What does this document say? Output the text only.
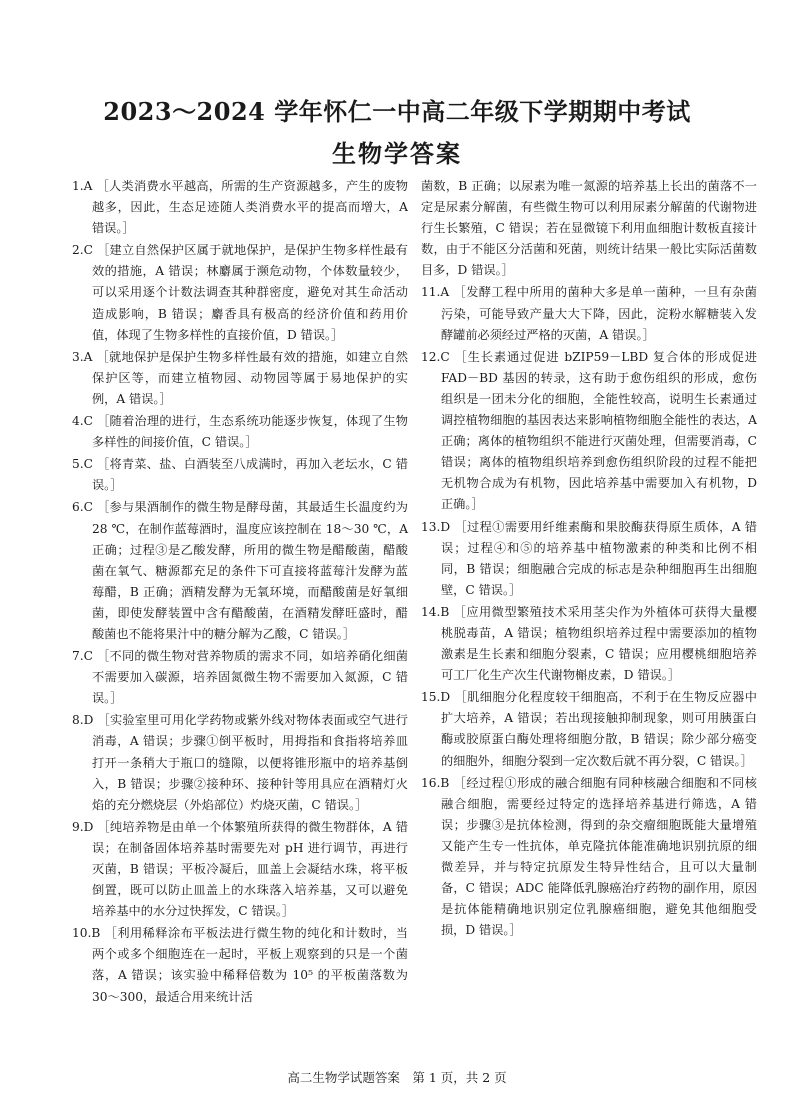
2023～2024 学年怀仁一中高二年级下学期期中考试
生物学答案

1.A ［人类消费水平越高，所需的生产资源越多，产生的废物越多，因此，生态足迹随人类消费水平的提高而增大，A 错误。］

2.C ［建立自然保护区属于就地保护，是保护生物多样性最有效的措施，A 错误；林麝属于濒危动物，个体数量较少，可以采用逐个计数法调查其种群密度，避免对其生命活动造成影响，B 错误；麝香具有极高的经济价值和药用价值，体现了生物多样性的直接价值，D 错误。］

3.A ［就地保护是保护生物多样性最有效的措施，如建立自然保护区等，而建立植物园、动物园等属于易地保护的实例，A 错误。］

4.C ［随着治理的进行，生态系统功能逐步恢复，体现了生物多样性的间接价值，C 错误。］

5.C ［将青菜、盐、白酒装至八成满时，再加入老坛水，C 错误。］

6.C ［参与果酒制作的微生物是酵母菌，其最适生长温度约为 28 ℃，在制作蓝莓酒时，温度应该控制在 18～30 ℃，A 正确；过程③是乙酸发酵，所用的微生物是醋酸菌，醋酸菌在氧气、糖源都充足的条件下可直接将蓝莓汁发酵为蓝莓醋，B 正确；酒精发酵为无氧环境，而醋酸菌是好氧细菌，即使发酵装置中含有醋酸菌，在酒精发酵旺盛时，醋酸菌也不能将果汁中的糖分解为乙酸，C 错误。］

7.C ［不同的微生物对营养物质的需求不同，如培养硝化细菌不需要加入碳源，培养固氮微生物不需要加入氮源，C 错误。］

8.D ［实验室里可用化学药物或紫外线对物体表面或空气进行消毒，A 错误；步骤①倒平板时，用拇指和食指将培养皿打开一条稍大于瓶口的缝隙，以便将锥形瓶中的培养基倒入，B 错误；步骤②接种环、接种针等用具应在酒精灯火焰的充分燃烧层（外焰部位）灼烧灭菌，C 错误。］

9.D ［纯培养物是由单一个体繁殖所获得的微生物群体，A 错误；在制备固体培养基时需要先对 pH 进行调节，再进行灭菌，B 错误；平板冷凝后，皿盖上会凝结水珠，将平板倒置，既可以防止皿盖上的水珠落入培养基，又可以避免培养基中的水分过快挥发，C 错误。］

10.B ［利用稀释涂布平板法进行微生物的纯化和计数时，当两个或多个细胞连在一起时，平板上观察到的只是一个菌落，A 错误；该实验中稀释倍数为 10⁵ 的平板菌落数为 30～300，最适合用来统计活

菌数，B 正确；以尿素为唯一氮源的培养基上长出的菌落不一定是尿素分解菌，有些微生物可以利用尿素分解菌的代谢物进行生长繁殖，C 错误；若在显微镜下利用血细胞计数板直接计数，由于不能区分活菌和死菌，则统计结果一般比实际活菌数目多，D 错误。］

11.A ［发酵工程中所用的菌种大多是单一菌种，一旦有杂菌污染，可能导致产量大大下降，因此，淀粉水解糖装入发酵罐前必须经过严格的灭菌，A 错误。］

12.C ［生长素通过促进 bZIP59－LBD 复合体的形成促进 FAD－BD 基因的转录，这有助于愈伤组织的形成，愈伤组织是一团未分化的细胞，全能性较高，说明生长素通过调控植物细胞的基因表达来影响植物细胞全能性的表达，A 正确；离体的植物组织不能进行灭菌处理，但需要消毒，C 错误；离体的植物组织培养到愈伤组织阶段的过程不能把无机物合成为有机物，因此培养基中需要加入有机物，D 正确。］

13.D ［过程①需要用纤维素酶和果胶酶获得原生质体，A 错误；过程④和⑤的培养基中植物激素的种类和比例不相同，B 错误；细胞融合完成的标志是杂种细胞再生出细胞壁，C 错误。］

14.B ［应用微型繁殖技术采用茎尖作为外植体可获得大量樱桃脱毒苗，A 错误；植物组织培养过程中需要添加的植物激素是生长素和细胞分裂素，C 错误；应用樱桃细胞培养可工厂化生产次生代谢物槲皮素，D 错误。］

15.D ［肌细胞分化程度较干细胞高，不利于在生物反应器中扩大培养，A 错误；若出现接触抑制现象，则可用胰蛋白酶或胶原蛋白酶处理将细胞分散，B 错误；除少部分癌变的细胞外，细胞分裂到一定次数后就不再分裂，C 错误。］

16.B ［经过程①形成的融合细胞有同种核融合细胞和不同核融合细胞，需要经过特定的选择培养基进行筛选，A 错误；步骤③是抗体检测，得到的杂交瘤细胞既能大量增殖又能产生专一性抗体，单克隆抗体能准确地识别抗原的细微差异，并与特定抗原发生特异性结合，且可以大量制备，C 错误；ADC 能降低乳腺癌治疗药物的副作用，原因是抗体能精确地识别定位乳腺癌细胞，避免其他细胞受损，D 错误。］

高二生物学试题答案　第 1 页，共 2 页
